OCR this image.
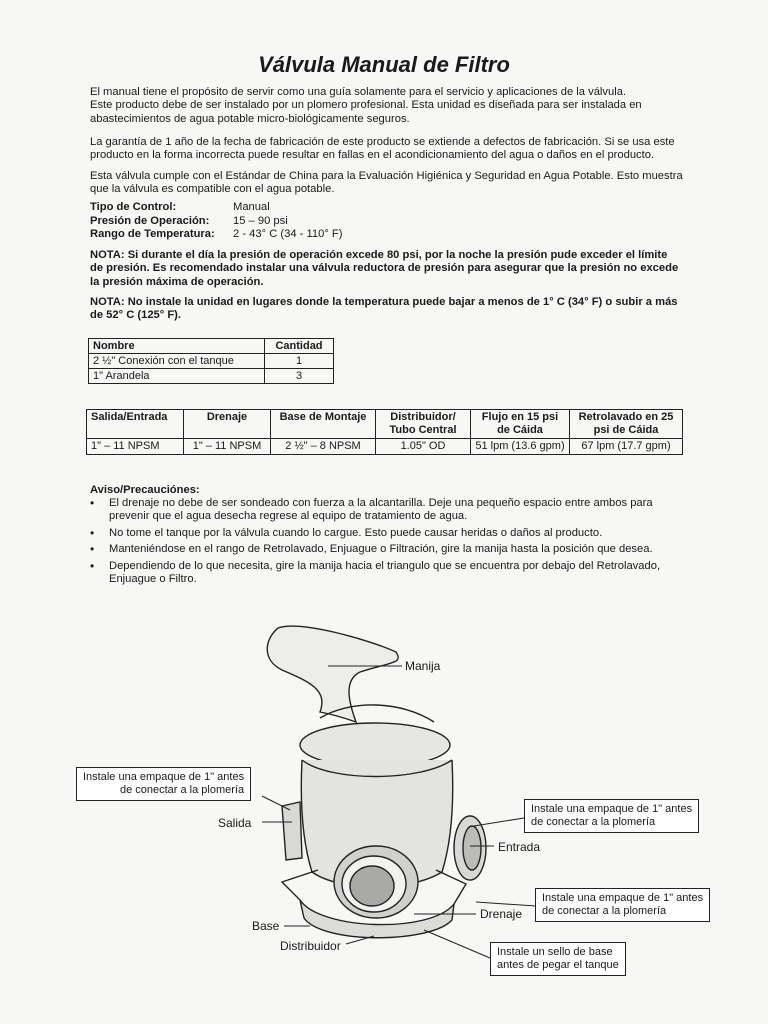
Válvula Manual de Filtro
El manual tiene el propósito de servir como una guía solamente para el servicio y aplicaciones de la válvula.
Este producto debe de ser instalado por un plomero profesional. Esta unidad es diseñada para ser instalada en
abastecimientos de agua potable micro-biológicamente seguros.
La garantía de 1 año de la fecha de fabricación de este producto se extiende a defectos de fabricación. Si se usa este
producto en la forma incorrecta puede resultar en fallas en el acondicionamiento del agua o daños en el producto.
Esta válvula cumple con el Estándar de China para la Evaluación Higiénica y Seguridad en Agua Potable. Esto muestra
que la válvula es compatible con el agua potable.
Tipo de Control:	Manual
Presión de Operación:	15 – 90 psi
Rango de Temperatura:	2 - 43° C (34 - 110° F)
NOTA: Si durante el día la presión de operación excede 80 psi, por la noche la presión pude exceder el límite
de presión. Es recomendado instalar una válvula reductora de presión para asegurar que la presión no excede
la presión máxima de operación.
NOTA: No instale la unidad en lugares donde la temperatura puede bajar a menos de 1° C (34° F) o subir a más
de 52° C (125° F).
Nombre	Cantidad
2 ½" Conexión con el tanque	1
1" Arandela	3
Salida/Entrada	Drenaje	Base de Montaje	Distribuidor/ Tubo Central	Flujo en 15 psi de Cáida	Retrolavado en 25 psi de Cáida
1" – 11 NPSM	1" – 11 NPSM	2 ½" – 8 NPSM	1.05" OD	51 lpm (13.6 gpm)	67 lpm (17.7 gpm)
Aviso/Precauciónes:
• El drenaje no debe de ser sondeado con fuerza a la alcantarilla. Deje una pequeño espacio entre ambos para
prevenir que el agua desecha regrese al equipo de tratamiento de agua.
• No tome el tanque por la válvula cuando lo cargue. Esto puede causar heridas o daños al producto.
• Manteniéndose en el rango de Retrolavado, Enjuague o Filtración, gire la manija hasta la posición que desea.
• Dependiendo de lo que necesita, gire la manija hacia el triangulo que se encuentra por debajo del Retrolavado,
Enjuague o Filtro.
Manija
Salida
Entrada
Drenaje
Base
Distribuidor
Instale una empaque de 1" antes
de conectar a la plomería
Instale una empaque de 1" antes
de conectar a la plomería
Instale una empaque de 1" antes
de conectar a la plomería
Instale un sello de base
antes de pegar el tanque
